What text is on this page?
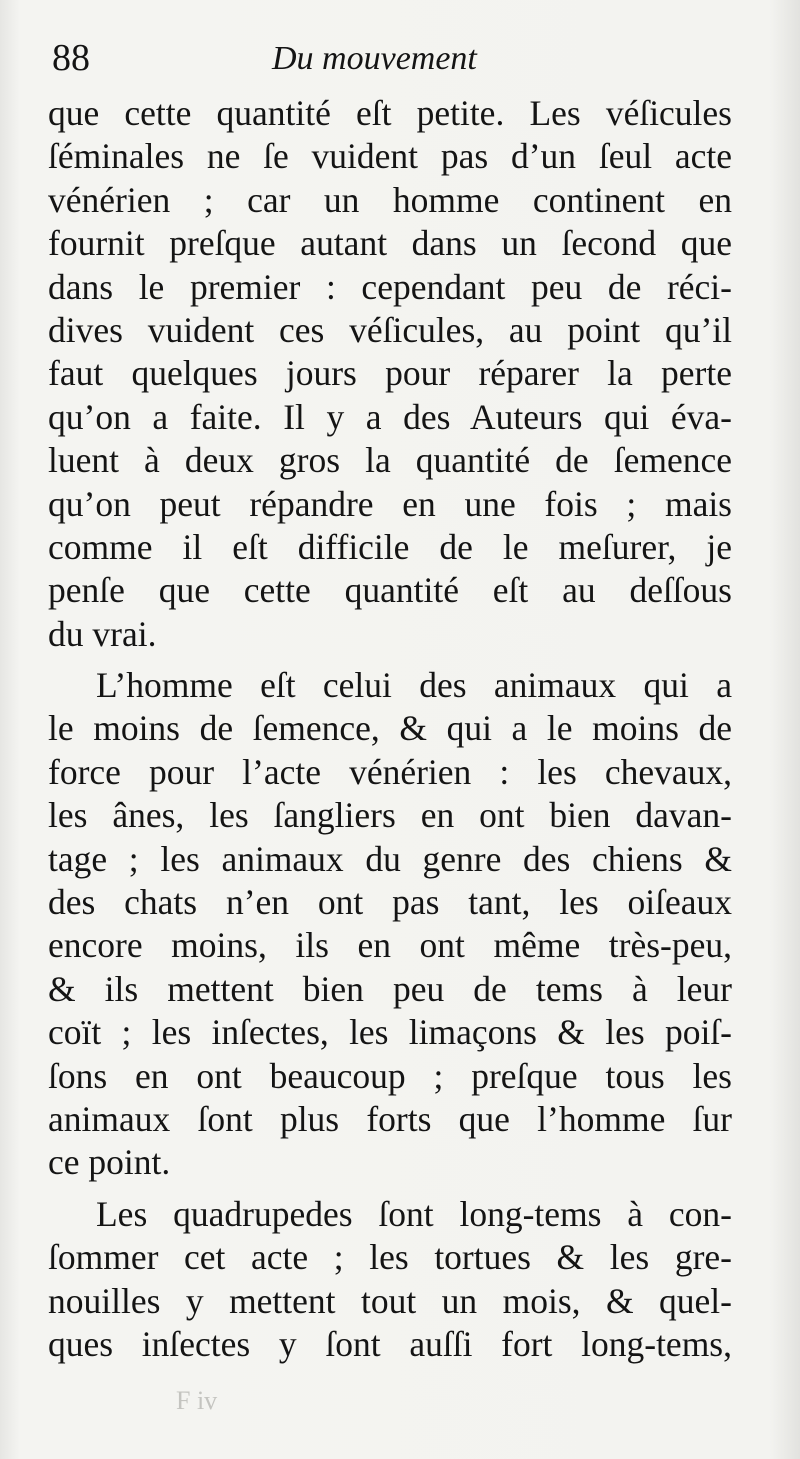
88	Du mouvement
que cette quantité eſt petite. Les véſicules
ſéminales ne ſe vuident pas d’un ſeul acte
vénérien ; car un homme continent en
fournit preſque autant dans un ſecond que
dans le premier : cependant peu de réci-
dives vuident ces véſicules, au point qu’il
faut quelques jours pour réparer la perte
qu’on a faite. Il y a des Auteurs qui éva-
luent à deux gros la quantité de ſemence
qu’on peut répandre en une fois ; mais
comme il eſt difficile de le meſurer, je
penſe que cette quantité eſt au deſſous
du vrai.
L’homme eſt celui des animaux qui a
le moins de ſemence, & qui a le moins de
force pour l’acte vénérien : les chevaux,
les ânes, les ſangliers en ont bien davan-
tage ; les animaux du genre des chiens &
des chats n’en ont pas tant, les oiſeaux
encore moins, ils en ont même très-peu,
& ils mettent bien peu de tems à leur
coït ; les inſectes, les limaçons & les poiſ-
ſons en ont beaucoup ; preſque tous les
animaux ſont plus forts que l’homme ſur
ce point.
Les quadrupedes ſont long-tems à con-
ſommer cet acte ; les tortues & les gre-
nouilles y mettent tout un mois, & quel-
ques inſectes y ſont auſſi fort long-tems,
F iv
